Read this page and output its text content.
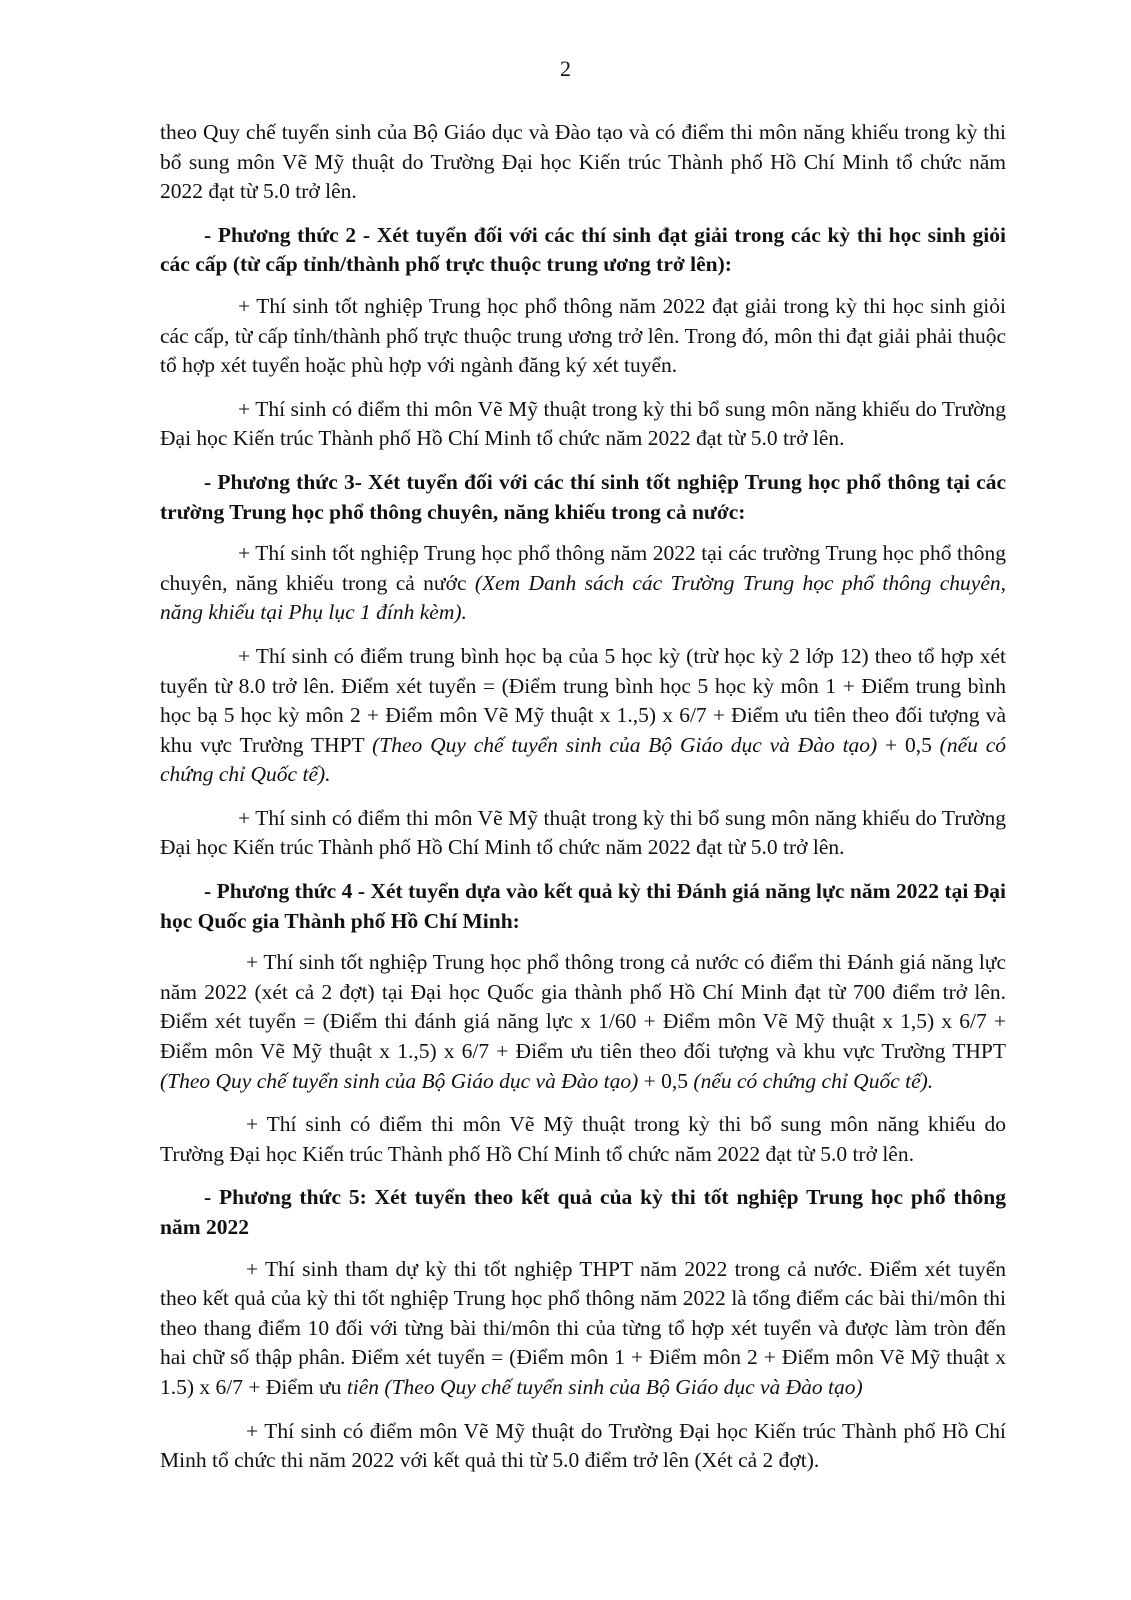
2

theo Quy chế tuyển sinh của Bộ Giáo dục và Đào tạo và có điểm thi môn năng khiếu trong kỳ thi bổ sung môn Vẽ Mỹ thuật do Trường Đại học Kiến trúc Thành phố Hồ Chí Minh tổ chức năm 2022 đạt từ 5.0 trở lên.

- Phương thức 2 - Xét tuyển đối với các thí sinh đạt giải trong các kỳ thi học sinh giỏi các cấp (từ cấp tỉnh/thành phố trực thuộc trung ương trở lên):

+ Thí sinh tốt nghiệp Trung học phổ thông năm 2022 đạt giải trong kỳ thi học sinh giỏi các cấp, từ cấp tỉnh/thành phố trực thuộc trung ương trở lên. Trong đó, môn thi đạt giải phải thuộc tổ hợp xét tuyển hoặc phù hợp với ngành đăng ký xét tuyển.

+ Thí sinh có điểm thi môn Vẽ Mỹ thuật trong kỳ thi bổ sung môn năng khiếu do Trường Đại học Kiến trúc Thành phố Hồ Chí Minh tổ chức năm 2022 đạt từ 5.0 trở lên.

- Phương thức 3- Xét tuyển đối với các thí sinh tốt nghiệp Trung học phổ thông tại các trường Trung học phổ thông chuyên, năng khiếu trong cả nước:

+ Thí sinh tốt nghiệp Trung học phổ thông năm 2022 tại các trường Trung học phổ thông chuyên, năng khiếu trong cả nước (Xem Danh sách các Trường Trung học phổ thông chuyên, năng khiếu tại Phụ lục 1 đính kèm).

+ Thí sinh có điểm trung bình học bạ của 5 học kỳ (trừ học kỳ 2 lớp 12) theo tổ hợp xét tuyển từ 8.0 trở lên. Điểm xét tuyển = (Điểm trung bình học 5 học kỳ môn 1 + Điểm trung bình học bạ 5 học kỳ môn 2 + Điểm môn Vẽ Mỹ thuật x 1.,5) x 6/7 + Điểm ưu tiên theo đối tượng và khu vực Trường THPT (Theo Quy chế tuyển sinh của Bộ Giáo dục và Đào tạo) + 0,5 (nếu có chứng chỉ Quốc tế).

+ Thí sinh có điểm thi môn Vẽ Mỹ thuật trong kỳ thi bổ sung môn năng khiếu do Trường Đại học Kiến trúc Thành phố Hồ Chí Minh tổ chức năm 2022 đạt từ 5.0 trở lên.

- Phương thức 4 - Xét tuyển dựa vào kết quả kỳ thi Đánh giá năng lực năm 2022 tại Đại học Quốc gia Thành phố Hồ Chí Minh:

+ Thí sinh tốt nghiệp Trung học phổ thông trong cả nước có điểm thi Đánh giá năng lực năm 2022 (xét cả 2 đợt) tại Đại học Quốc gia thành phố Hồ Chí Minh đạt từ 700 điểm trở lên. Điểm xét tuyển = (Điểm thi đánh giá năng lực x 1/60 + Điểm môn Vẽ Mỹ thuật x 1,5) x 6/7 + Điểm môn Vẽ Mỹ thuật x 1.,5) x 6/7 + Điểm ưu tiên theo đối tượng và khu vực Trường THPT (Theo Quy chế tuyển sinh của Bộ Giáo dục và Đào tạo) + 0,5 (nếu có chứng chỉ Quốc tế).

+ Thí sinh có điểm thi môn Vẽ Mỹ thuật trong kỳ thi bổ sung môn năng khiếu do Trường Đại học Kiến trúc Thành phố Hồ Chí Minh tổ chức năm 2022 đạt từ 5.0 trở lên.

- Phương thức 5: Xét tuyển theo kết quả của kỳ thi tốt nghiệp Trung học phổ thông năm 2022

+ Thí sinh tham dự kỳ thi tốt nghiệp THPT năm 2022 trong cả nước. Điểm xét tuyển theo kết quả của kỳ thi tốt nghiệp Trung học phổ thông năm 2022 là tổng điểm các bài thi/môn thi theo thang điểm 10 đối với từng bài thi/môn thi của từng tổ hợp xét tuyển và được làm tròn đến hai chữ số thập phân. Điểm xét tuyển = (Điểm môn 1 + Điểm môn 2 + Điểm môn Vẽ Mỹ thuật x 1.5) x 6/7 + Điểm ưu tiên (Theo Quy chế tuyển sinh của Bộ Giáo dục và Đào tạo)

+ Thí sinh có điểm môn Vẽ Mỹ thuật do Trường Đại học Kiến trúc Thành phố Hồ Chí Minh tổ chức thi năm 2022 với kết quả thi từ 5.0 điểm trở lên (Xét cả 2 đợt).
